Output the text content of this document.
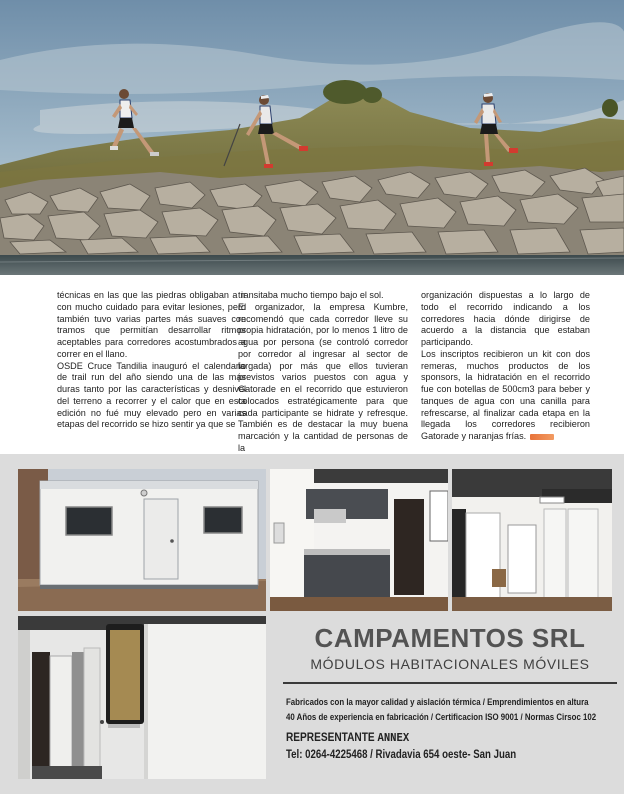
técnicas en las que las piedras obligaban a ir con mucho cuidado para evitar lesiones, pero también tuvo varias partes más suaves con tramos que permitían desarrollar ritmos aceptables para corredores acostumbrados a correr en el llano.

OSDE Cruce Tandilia inauguró el calendario de trail run del año siendo una de las más duras tanto por las características y desnivel del terreno a recorrer y el calor que en esta edición no fué muy elevado pero en varias etapas del recorrido se hizo sentir ya que se

transitaba mucho tiempo bajo el sol.

El organizador, la empresa Kumbre, recomendó que cada corredor lleve su propia hidratación, por lo menos 1 litro de agua por persona (se controló corredor por corredor al ingresar al sector de largada) por más que ellos tuvieran previstos varios puestos con agua y Gatorade en el recorrido que estuvieron colocados estratégicamente para que cada participante se hidrate y refresque. También es de destacar la muy buena marcación y la cantidad de personas de la

organización dispuestas a lo largo de todo el recorrido indicando a los corredores hacia dónde dirigirse de acuerdo a la distancia que estaban participando.

Los inscriptos recibieron un kit con dos remeras, muchos productos de los sponsors, la hidratación en el recorrido fue con botellas de 500cm3 para beber y tanques de agua con una canilla para refrescarse, al finalizar cada etapa en la llegada los corredores recibieron Gatorade y naranjas frías.

CAMPAMENTOS SRL
MÓDULOS HABITACIONALES MÓVILES
Fabricados con la mayor calidad y aislación térmica / Emprendimientos en altura
40 Años de experiencia en fabricación / Certificacion ISO 9001 / Normas Cirsoc 102
REPRESENTANTE ANNEX
Tel: 0264-4225468 / Rivadavia 654 oeste- San Juan
